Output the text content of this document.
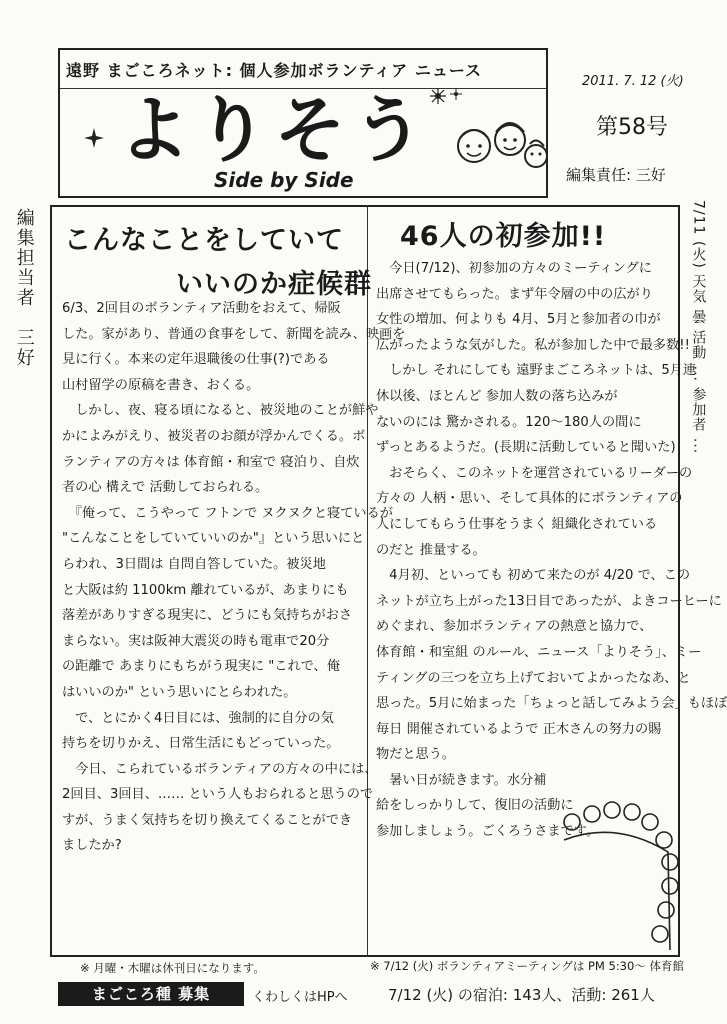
遠野 まごころネット: 個人参加ボランティア ニュース
よりそう
Side by Side
2011. 7. 12 (火)
第58号
編集責任: 三好
編集担当者　三好	7/11 (火) 天気 曇 活動 ... 参加者 ...
こんなことをしていて
いいのか症候群

6/3、2回目のボランティア活動をおえて、帰阪

した。家があり、普通の食事をして、新聞を読み、映画を

見に行く。本来の定年退職後の仕事(?)である

山村留学の原稿を書き、おくる。

　しかし、夜、寝る頃になると、被災地のことが鮮や

かによみがえり、被災者のお顔が浮かんでくる。ボ

ランティアの方々は 体育館・和室で 寝泊り、自炊

者の心 構えで 活動しておられる。

　『俺って、こうやって フトンで ヌクヌクと寝ているが

"こんなことをしていていいのか"』という思いにと

らわれ、3日間は 自問自答していた。被災地

と大阪は約 1100km 離れているが、あまりにも

落差がありすぎる現実に、どうにも気持ちがおさ

まらない。実は阪神大震災の時も電車で20分

の距離で あまりにもちがう現実に "これで、俺

はいいのか" という思いにとらわれた。

　で、とにかく4日目には、強制的に自分の気

持ちを切りかえ、日常生活にもどっていった。

　今日、こられているボランティアの方々の中には、

2回目、3回目、…… という人もおられると思うので

すが、うまく気持ちを切り換えてくることができ

ましたか?

46人の初参加!!

　今日(7/12)、初参加の方々のミーティングに

出席させてもらった。まず年令層の中の広がり

女性の増加、何よりも 4月、5月と参加者の巾が

広がったような気がした。私が参加した中で最多数!!

　しかし それにしても 遠野まごころネットは、5月連

休以後、ほとんど 参加人数の落ち込みが

ないのには 驚かされる。120～180人の間に

ずっとあるようだ。(長期に活動していると聞いた)

　おそらく、このネットを運営されているリーダーの

方々の 人柄・思い、そして具体的にボランティアの

人にしてもらう仕事をうまく 組織化されている

のだと 推量する。

　4月初、といっても 初めて来たのが 4/20 で、この

ネットが立ち上がった13日目であったが、よきコーヒーに

めぐまれ、参加ボランティアの熱意と協力で、

体育館・和室組 のルール、ニュース「よりそう」、ミー

ティングの三つを立ち上げておいてよかったなあ、と

思った。5月に始まった「ちょっと話してみよう会」もほぼ

毎日 開催されているようで 正木さんの努力の賜

物だと思う。

　暑い日が続きます。水分補

給をしっかりして、復旧の活動に

参加しましょう。ごくろうさまです。

※ 月曜・木曜は休刊日になります。	※ 7/12 (火) ボランティアミーティングは PM 5:30～ 体育館
7/12 (火) の宿泊: 143人、活動: 261人
まごころ種 募集	くわしくはHPへ
